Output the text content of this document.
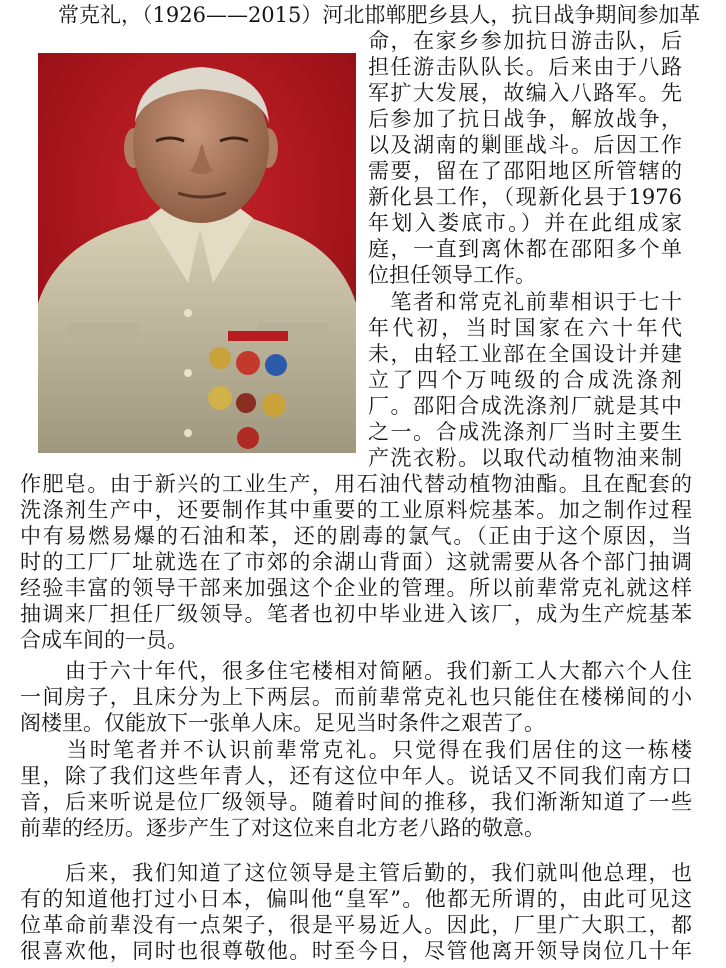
常克礼，（1926——2015）河北邯郸肥乡县人，抗日战争期间参加革
命，在家乡参加抗日游击队，后
担任游击队队长。后来由于八路
军扩大发展，故编入八路军。先
后参加了抗日战争，解放战争，
以及湖南的剿匪战斗。后因工作
需要，留在了邵阳地区所管辖的
新化县工作，（现新化县于1976
年划入娄底市。）并在此组成家
庭，一直到离休都在邵阳多个单
位担任领导工作。
　笔者和常克礼前辈相识于七十
年代初，当时国家在六十年代
未，由轻工业部在全国设计并建
立了四个万吨级的合成洗涤剂
厂。邵阳合成洗涤剂厂就是其中
之一。合成洗涤剂厂当时主要生
产洗衣粉。以取代动植物油来制
作肥皂。由于新兴的工业生产，用石油代替动植物油酯。且在配套的
洗涤剂生产中，还要制作其中重要的工业原料烷基苯。加之制作过程
中有易燃易爆的石油和苯，还的剧毒的氯气。（正由于这个原因，当
时的工厂厂址就选在了市郊的余湖山背面）这就需要从各个部门抽调
经验丰富的领导干部来加强这个企业的管理。所以前辈常克礼就这样
抽调来厂担任厂级领导。笔者也初中毕业进入该厂，成为生产烷基苯
合成车间的一员。
　　由于六十年代，很多住宅楼相对简陋。我们新工人大都六个人住
一间房子，且床分为上下两层。而前辈常克礼也只能住在楼梯间的小
阁楼里。仅能放下一张单人床。足见当时条件之艰苦了。
　　当时笔者并不认识前辈常克礼。只觉得在我们居住的这一栋楼
里，除了我们这些年青人，还有这位中年人。说话又不同我们南方口
音，后来听说是位厂级领导。随着时间的推移，我们渐渐知道了一些
前辈的经历。逐步产生了对这位来自北方老八路的敬意。
　　后来，我们知道了这位领导是主管后勤的，我们就叫他总理，也
有的知道他打过小日本，偏叫他“皇军”。他都无所谓的，由此可见这
位革命前辈没有一点架子，很是平易近人。因此，厂里广大职工，都
很喜欢他，同时也很尊敬他。时至今日，尽管他离开领导岗位几十年
